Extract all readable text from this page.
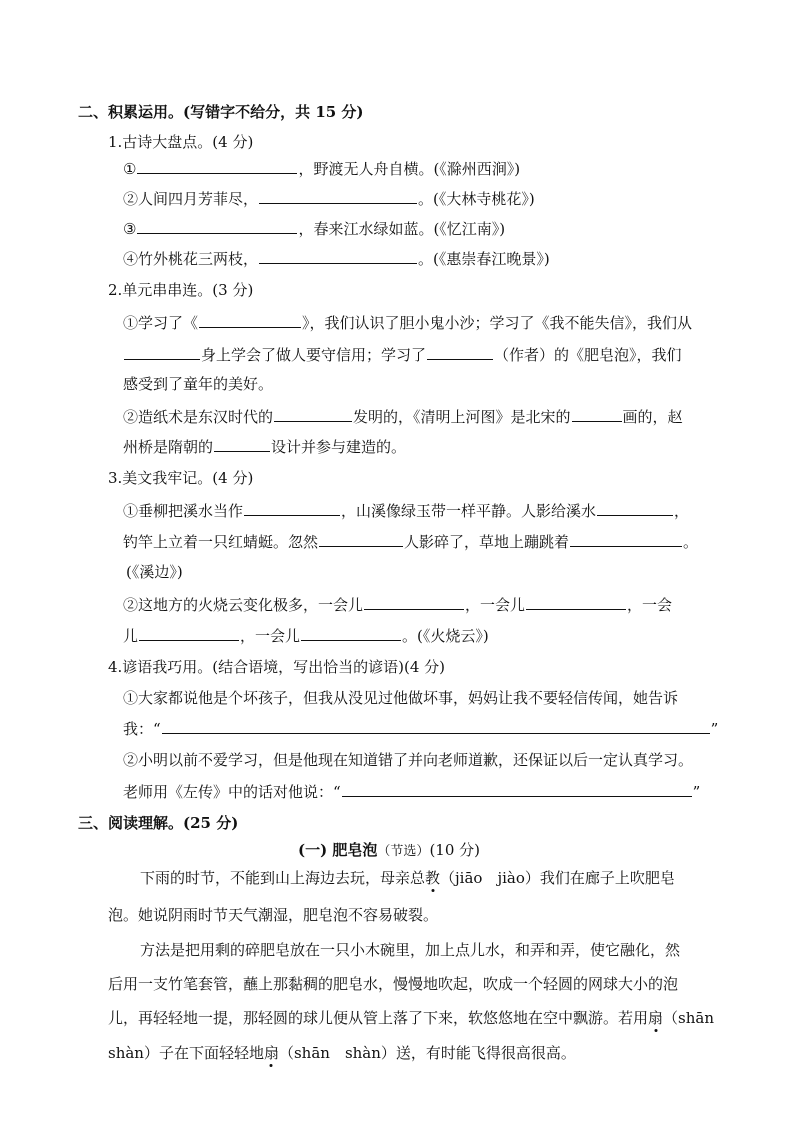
二、积累运用。(写错字不给分，共 15 分)
1.古诗大盘点。(4 分)
①	，野渡无人舟自横。(《滁州西涧》)
②人间四月芳菲尽，	。(《大林寺桃花》)
③	，春来江水绿如蓝。(《忆江南》)
④竹外桃花三两枝，	。(《惠崇春江晚景》)
2.单元串串连。(3 分)
①学习了《	》，我们认识了胆小鬼小沙；学习了《我不能失信》，我们从
身上学会了做人要守信用；学习了	（作者）的《肥皂泡》，我们
感受到了童年的美好。
②造纸术是东汉时代的	发明的，《清明上河图》是北宋的	画的，赵
州桥是隋朝的	设计并参与建造的。
3.美文我牢记。(4 分)
①垂柳把溪水当作	，山溪像绿玉带一样平静。人影给溪水	，
钓竿上立着一只红蜻蜓。忽然	人影碎了，草地上蹦跳着	。
(《溪边》)
②这地方的火烧云变化极多，一会儿	，一会儿	，一会
儿	，一会儿	。(《火烧云》)
4.谚语我巧用。(结合语境，写出恰当的谚语)(4 分)
①大家都说他是个坏孩子，但我从没见过他做坏事，妈妈让我不要轻信传闻，她告诉
我：“	”
②小明以前不爱学习，但是他现在知道错了并向老师道歉，还保证以后一定认真学习。
老师用《左传》中的话对他说：“	”
三、阅读理解。(25 分)
(一) 肥皂泡（节选）(10 分)
下雨的时节，不能到山上海边去玩，母亲总教（jiāo　jiào）我们在廊子上吹肥皂
泡。她说阴雨时节天气潮湿，肥皂泡不容易破裂。
方法是把用剩的碎肥皂放在一只小木碗里，加上点儿水，和弄和弄，使它融化，然
后用一支竹笔套管，蘸上那黏稠的肥皂水，慢慢地吹起，吹成一个轻圆的网球大小的泡
儿，再轻轻地一提，那轻圆的球儿便从管上落了下来，软悠悠地在空中飘游。若用扇（shān
shàn）子在下面轻轻地扇（shān　shàn）送，有时能飞得很高很高。
